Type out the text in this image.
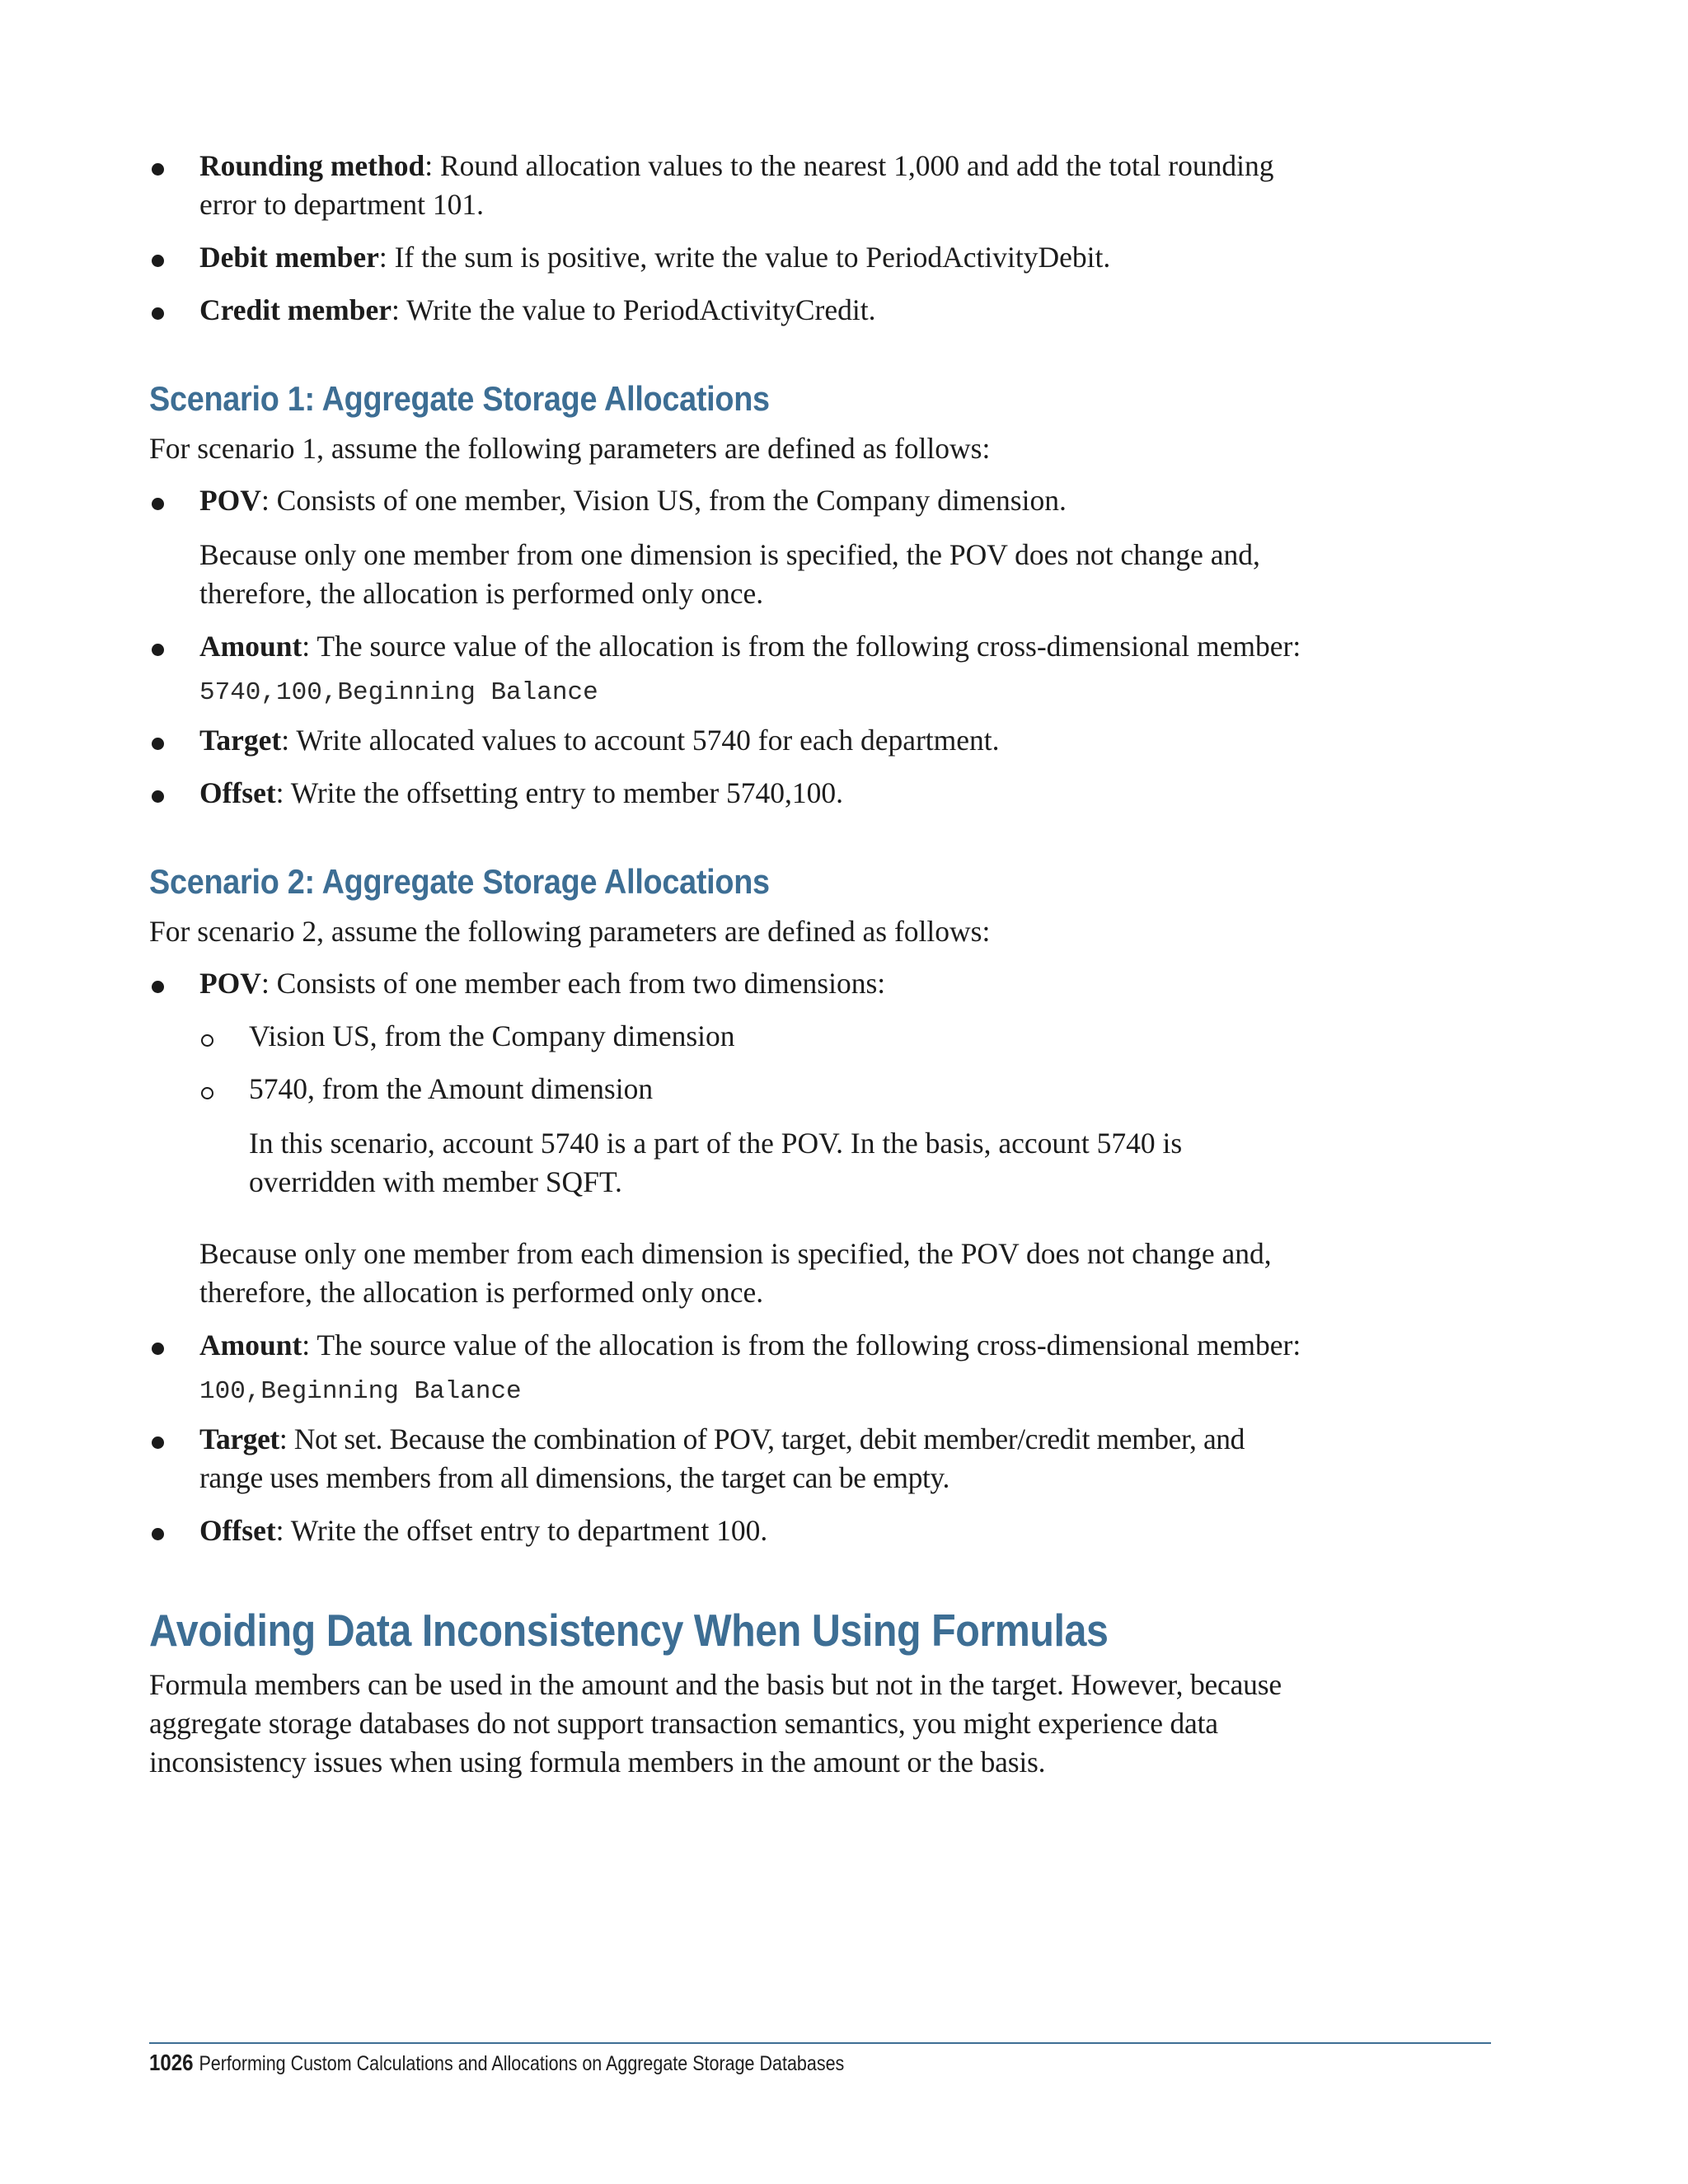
Rounding method: Round allocation values to the nearest 1,000 and add the total rounding error to department 101.
Debit member: If the sum is positive, write the value to PeriodActivityDebit.
Credit member: Write the value to PeriodActivityCredit.
Scenario 1: Aggregate Storage Allocations

For scenario 1, assume the following parameters are defined as follows:

POV: Consists of one member, Vision US, from the Company dimension.
Because only one member from one dimension is specified, the POV does not change and, therefore, the allocation is performed only once.
Amount: The source value of the allocation is from the following cross-dimensional member:
5740,100,Beginning Balance
Target: Write allocated values to account 5740 for each department.
Offset: Write the offsetting entry to member 5740,100.
Scenario 2: Aggregate Storage Allocations

For scenario 2, assume the following parameters are defined as follows:

POV: Consists of one member each from two dimensions:
Vision US, from the Company dimension
5740, from the Amount dimension
In this scenario, account 5740 is a part of the POV. In the basis, account 5740 is overridden with member SQFT.
Because only one member from each dimension is specified, the POV does not change and, therefore, the allocation is performed only once.
Amount: The source value of the allocation is from the following cross-dimensional member:
100,Beginning Balance
Target: Not set. Because the combination of POV, target, debit member/credit member, and range uses members from all dimensions, the target can be empty.
Offset: Write the offset entry to department 100.
Avoiding Data Inconsistency When Using Formulas

Formula members can be used in the amount and the basis but not in the target. However, because aggregate storage databases do not support transaction semantics, you might experience data inconsistency issues when using formula members in the amount or the basis.

1026 Performing Custom Calculations and Allocations on Aggregate Storage Databases
